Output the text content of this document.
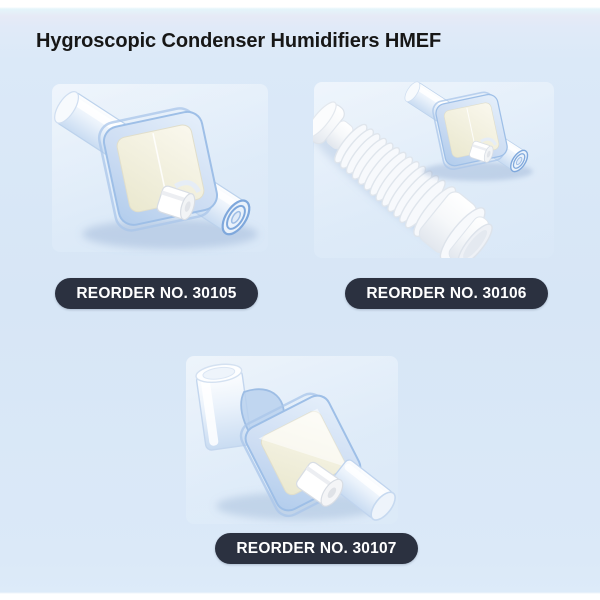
Hygroscopic Condenser Humidifiers HMEF
REORDER NO. 30105	REORDER NO. 30106
REORDER NO. 30107
